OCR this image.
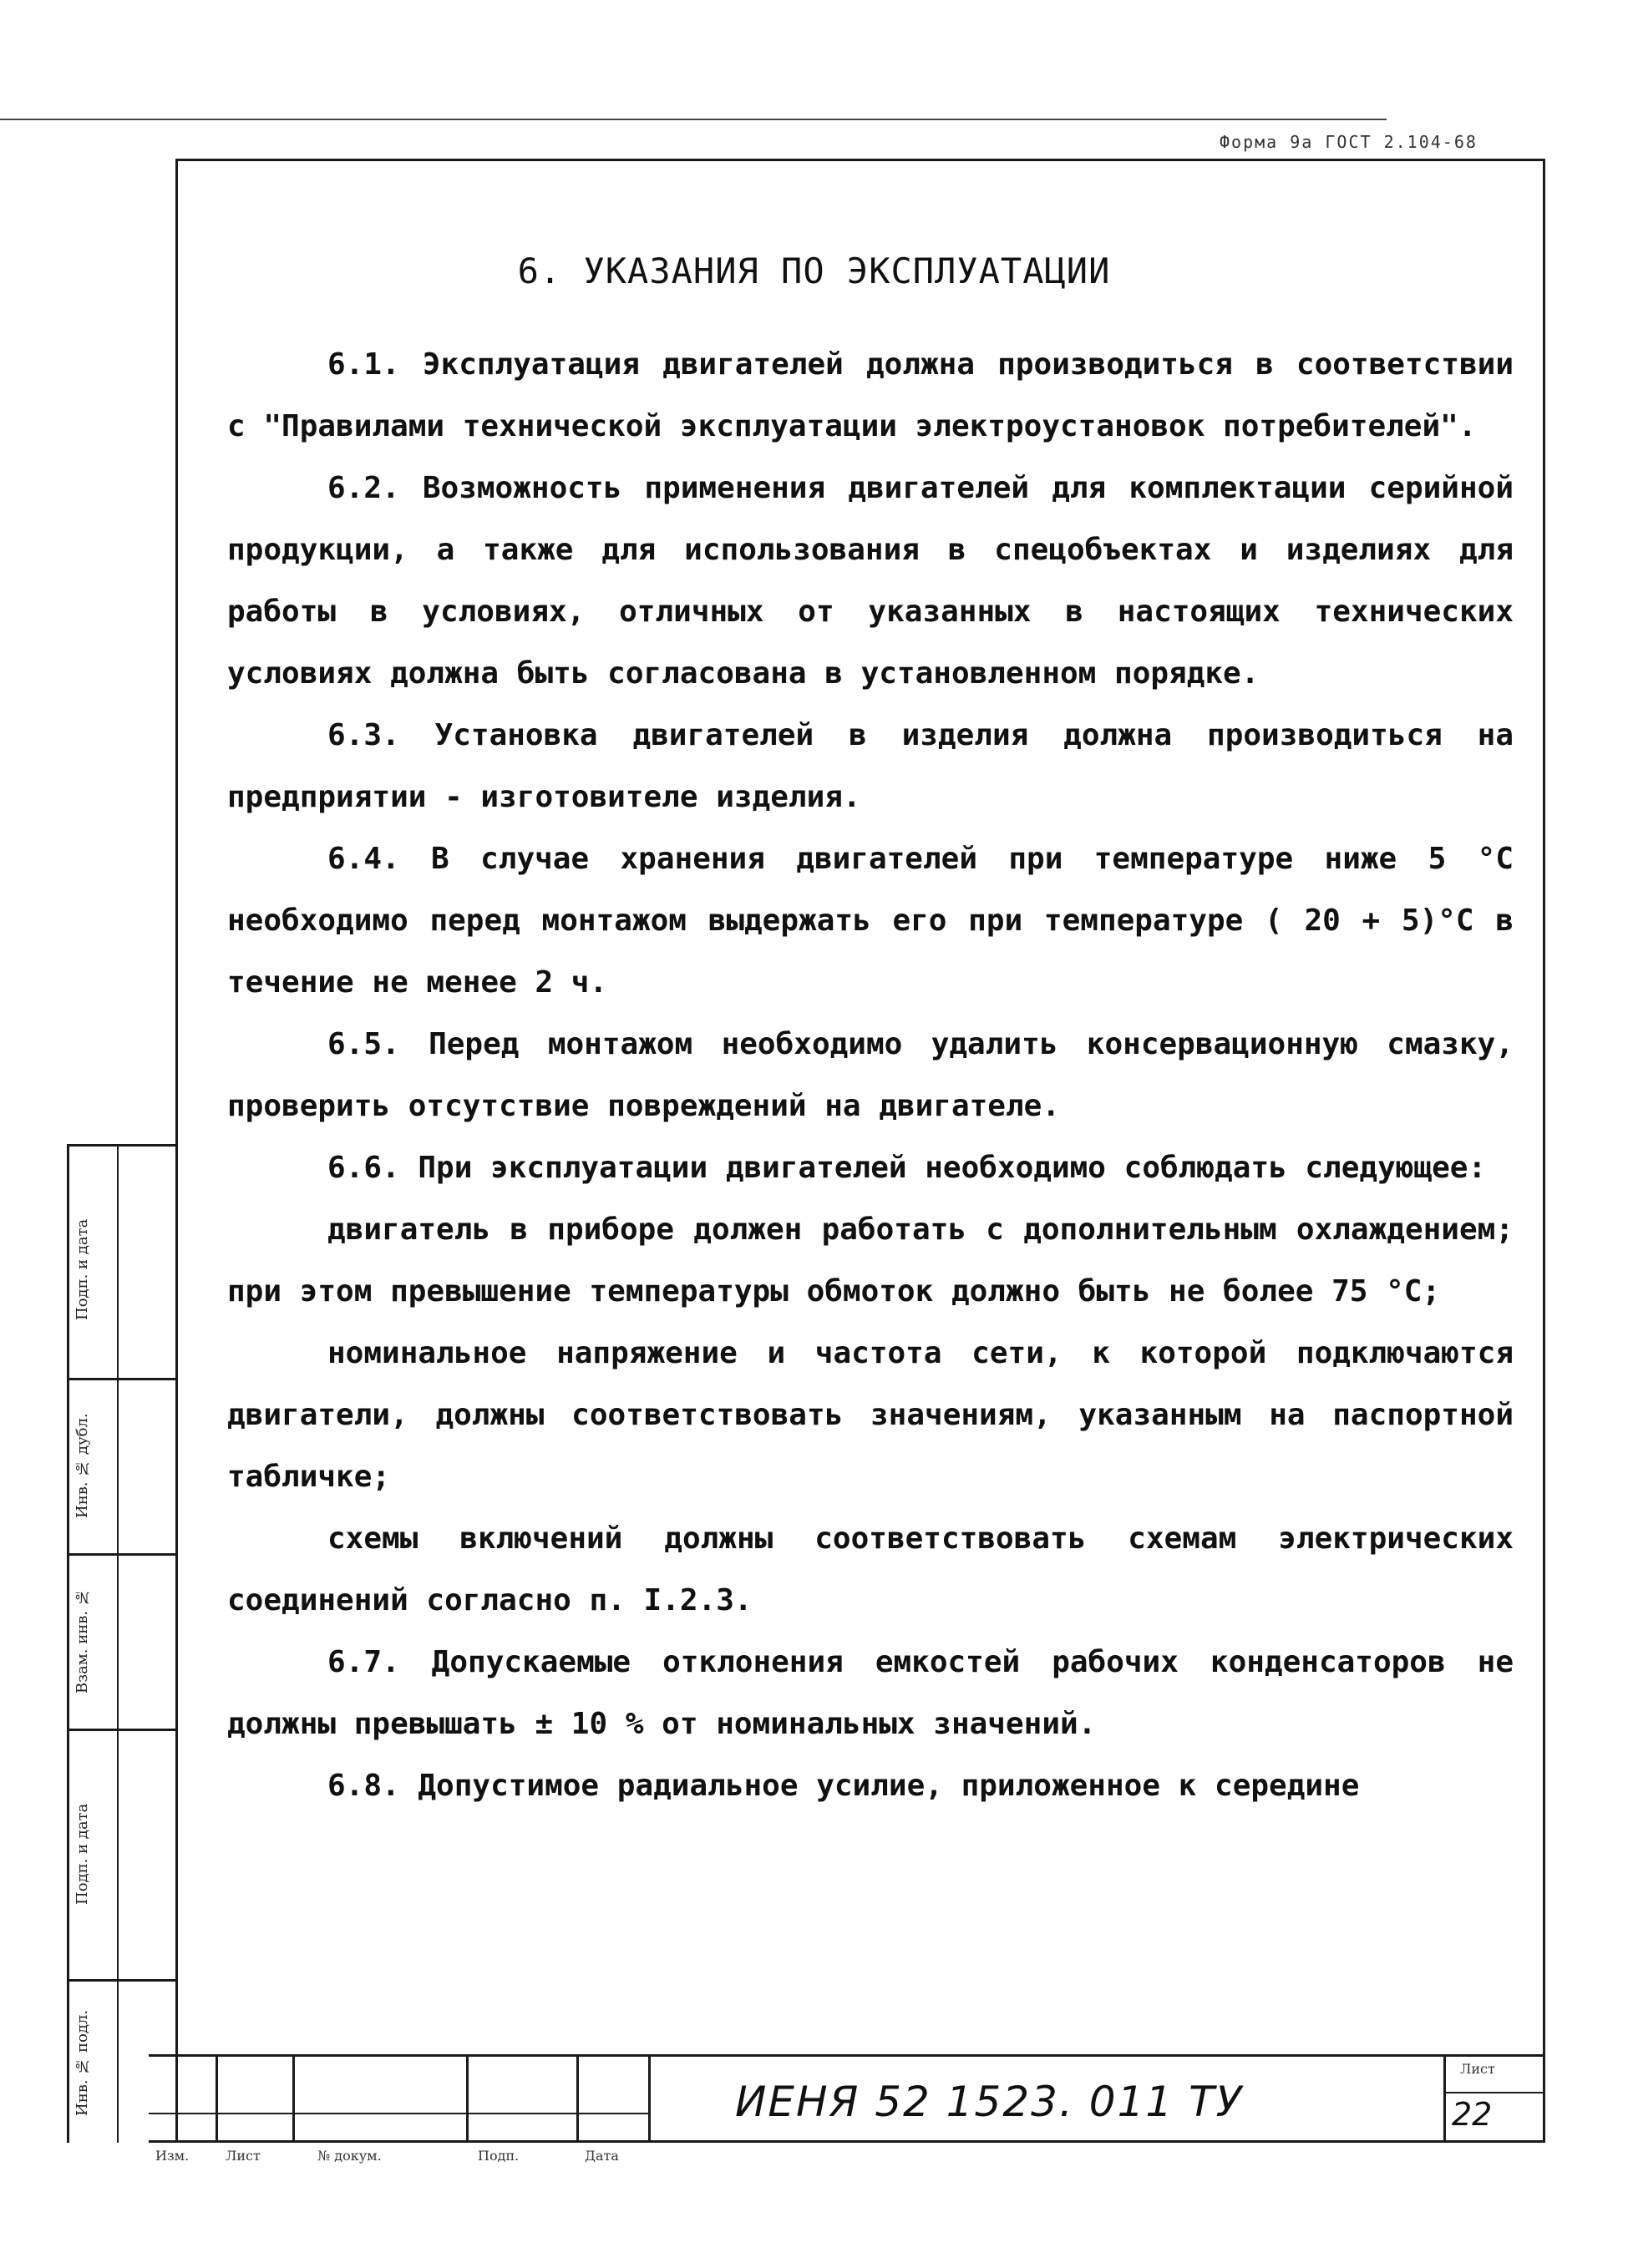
Форма 9а ГОСТ 2.104-68
6. УКАЗАНИЯ ПО ЭКСПЛУАТАЦИИ

6.1. Эксплуатация двигателей должна производиться в соответствии с "Правилами технической эксплуатации электроустановок потребителей".

6.2. Возможность применения двигателей для комплектации серийной продукции, а также для использования в спецобъектах и изделиях для работы в условиях, отличных от указанных в настоящих технических условиях должна быть согласована в установленном порядке.

6.3. Установка двигателей в изделия должна производиться на предприятии - изготовителе изделия.

6.4. В случае хранения двигателей при температуре ниже 5 °С необходимо перед монтажом выдержать его при температуре ( 20 + 5)°С в течение не менее 2 ч.

6.5. Перед монтажом необходимо удалить консервационную смазку, проверить отсутствие повреждений на двигателе.

6.6. При эксплуатации двигателей необходимо соблюдать следующее:

двигатель в приборе должен работать с дополнительным охлаждением; при этом превышение температуры обмоток должно быть не более 75 °С;

номинальное напряжение и частота сети, к которой подключаются двигатели, должны соответствовать значениям, указанным на паспортной табличке;

схемы включений должны соответствовать схемам электрических соединений согласно п. I.2.3.

6.7. Допускаемые отклонения емкостей рабочих конденсаторов не должны превышать ± 10 % от номинальных значений.

6.8. Допустимое радиальное усилие, приложенное к середине

Подп. и дата
Инв. № дубл.
Взам. инв. №
Подп. и дата
Инв. № подл.
Изм.	Лист	№ докум.	Подп.	Дата
ИЕНЯ 52 1523. 011 ТУ
Лист
22
